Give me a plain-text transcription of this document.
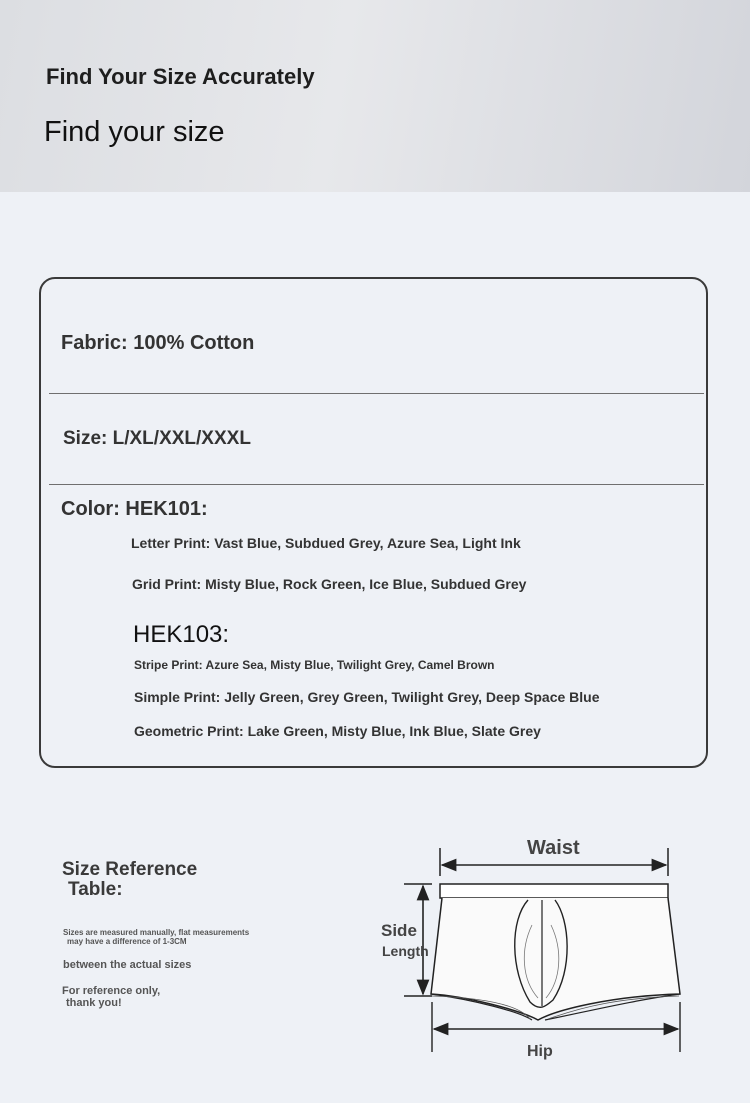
Find Your Size Accurately
Find your size
Fabric: 100% Cotton
Size: L/XL/XXL/XXXL
Color: HEK101:
Letter Print: Vast Blue, Subdued Grey, Azure Sea, Light Ink
Grid Print: Misty Blue, Rock Green, Ice Blue, Subdued Grey
HEK103:
Stripe Print: Azure Sea, Misty Blue, Twilight Grey, Camel Brown
Simple Print: Jelly Green, Grey Green, Twilight Grey, Deep Space Blue
Geometric Print: Lake Green, Misty Blue, Ink Blue, Slate Grey
Size Reference
Table:
Sizes are measured manually, flat measurements
may have a difference of 1-3CM
between the actual sizes
For reference only,
thank you!
Waist
Side
Length
Hip
